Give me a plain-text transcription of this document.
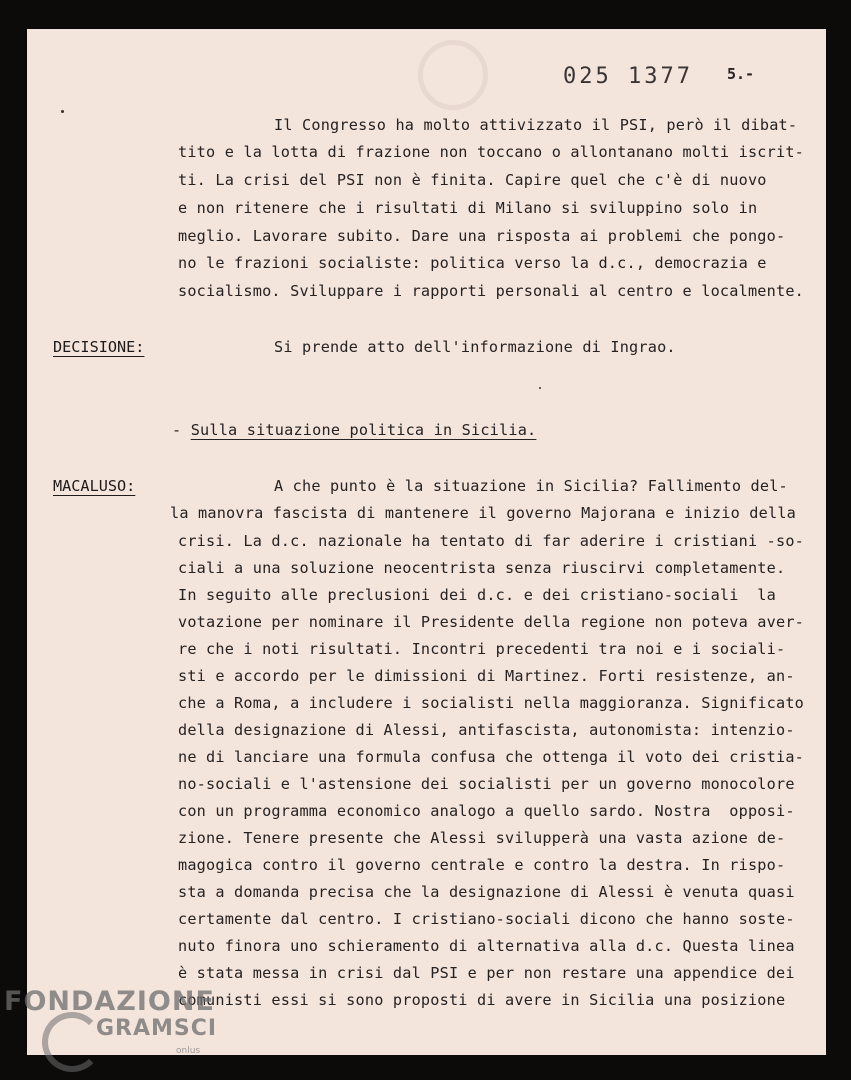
025 1377 5.-
Il Congresso ha molto attivizzato il PSI, però il dibat-
tito e la lotta di frazione non toccano o allontanano molti iscrit-
ti. La crisi del PSI non è finita. Capire quel che c'è di nuovo
e non ritenere che i risultati di Milano si sviluppino solo in
meglio. Lavorare subito. Dare una risposta ai problemi che pongo-
no le frazioni socialiste: politica verso la d.c., democrazia e
socialismo. Sviluppare i rapporti personali al centro e localmente.
DECISIONE:	Si prende atto dell'informazione di Ingrao.
- Sulla situazione politica in Sicilia.
MACALUSO:	A che punto è la situazione in Sicilia? Fallimento del-
la manovra fascista di mantenere il governo Majorana e inizio della
crisi. La d.c. nazionale ha tentato di far aderire i cristiani -so-
ciali a una soluzione neocentrista senza riuscirvi completamente.
In seguito alle preclusioni dei d.c. e dei cristiano-sociali  la
votazione per nominare il Presidente della regione non poteva aver-
re che i noti risultati. Incontri precedenti tra noi e i sociali-
sti e accordo per le dimissioni di Martinez. Forti resistenze, an-
che a Roma, a includere i socialisti nella maggioranza. Significato
della designazione di Alessi, antifascista, autonomista: intenzio-
ne di lanciare una formula confusa che ottenga il voto dei cristia-
no-sociali e l'astensione dei socialisti per un governo monocolore
con un programma economico analogo a quello sardo. Nostra  opposi-
zione. Tenere presente che Alessi svilupperà una vasta azione de-
magogica contro il governo centrale e contro la destra. In rispo-
sta a domanda precisa che la designazione di Alessi è venuta quasi
certamente dal centro. I cristiano-sociali dicono che hanno soste-
nuto finora uno schieramento di alternativa alla d.c. Questa linea
è stata messa in crisi dal PSI e per non restare una appendice dei
comunisti essi si sono proposti di avere in Sicilia una posizione
FONDAZIONE
GRAMSCI
onlus
